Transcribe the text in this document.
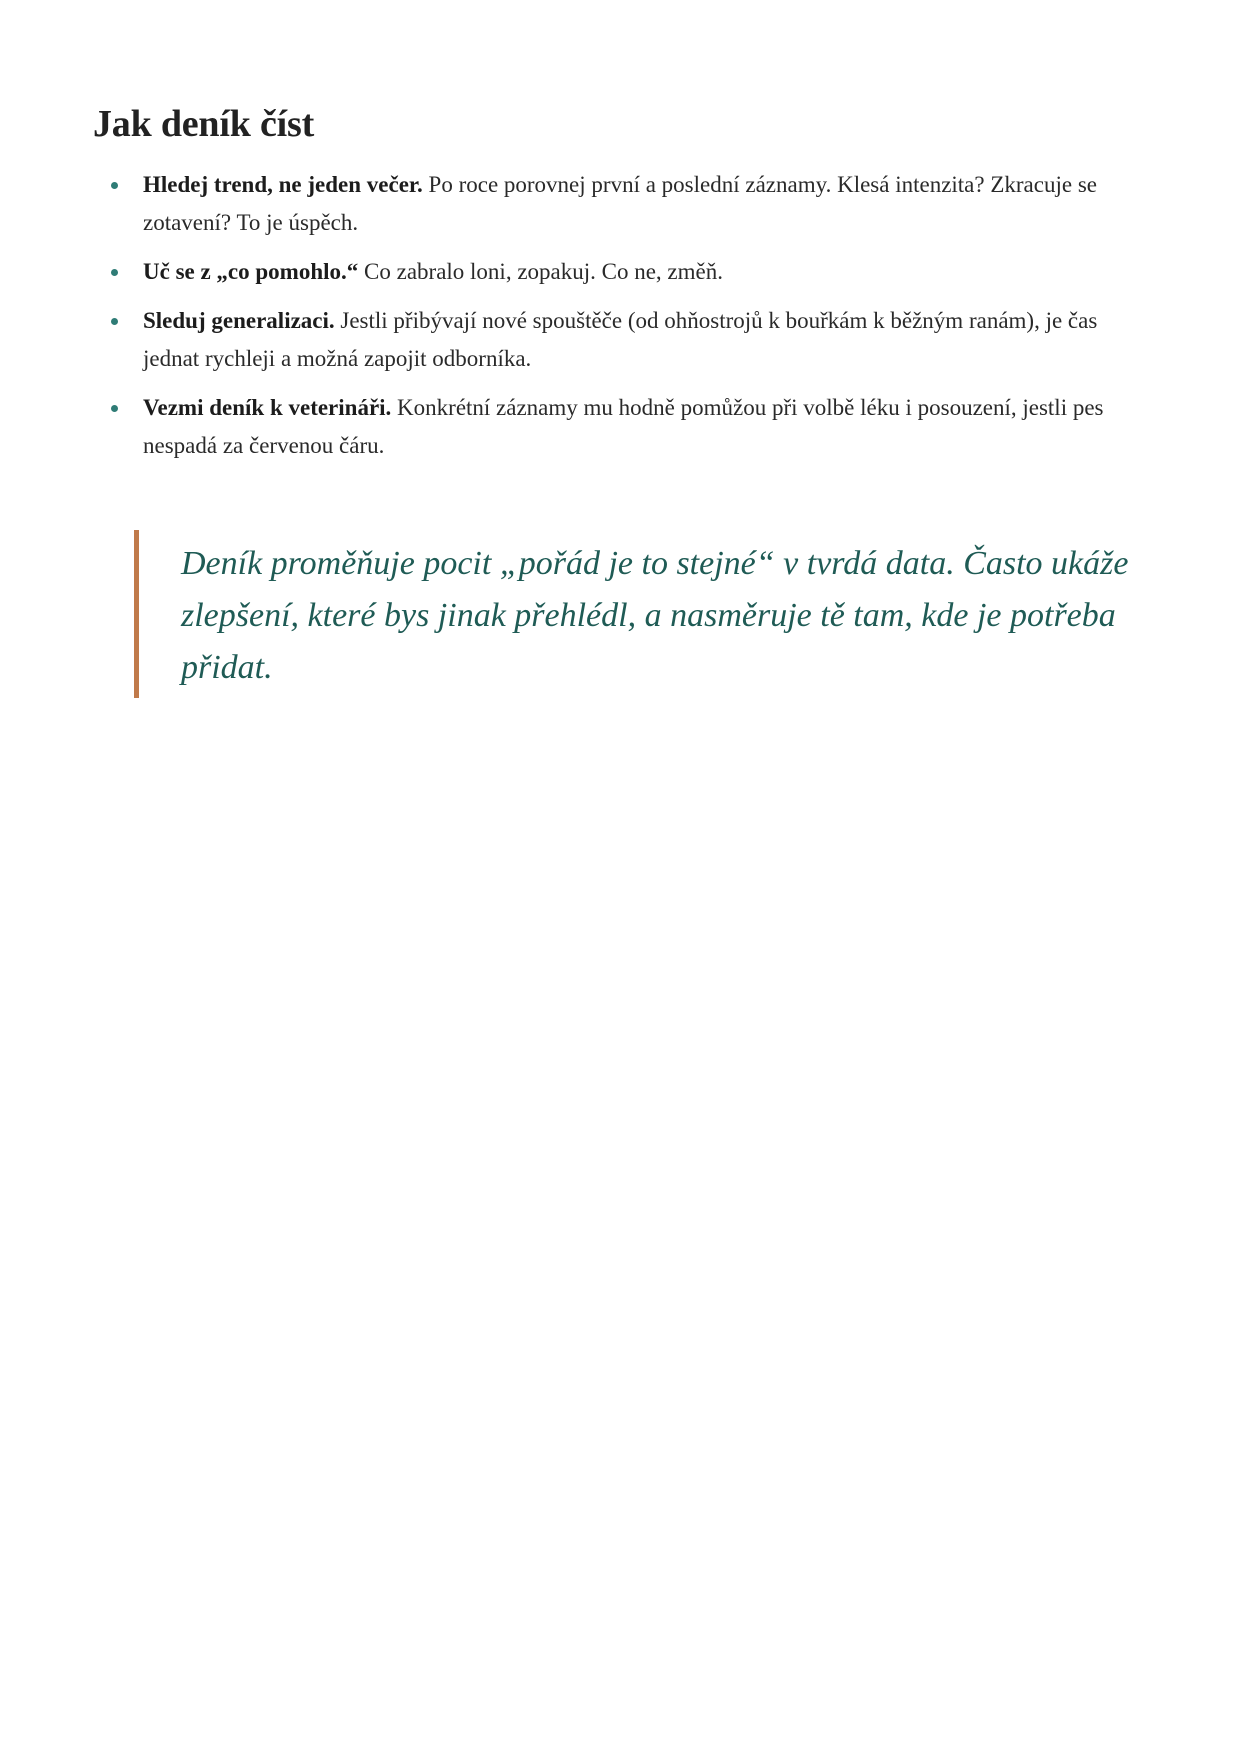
Jak deník číst
Hledej trend, ne jeden večer. Po roce porovnej první a poslední záznamy. Klesá intenzita? Zkracuje se zotavení? To je úspěch.
Uč se z „co pomohlo.“ Co zabralo loni, zopakuj. Co ne, změň.
Sleduj generalizaci. Jestli přibývají nové spouštěče (od ohňostrojů k bouřkám k běžným ranám), je čas jednat rychleji a možná zapojit odborníka.
Vezmi deník k veterináři. Konkrétní záznamy mu hodně pomůžou při volbě léku i posouzení, jestli pes nespadá za červenou čáru.

Deník proměňuje pocit „pořád je to stejné“ v tvrdá data. Často ukáže zlepšení, které bys jinak přehlédl, a nasměruje tě tam, kde je potřeba přidat.
